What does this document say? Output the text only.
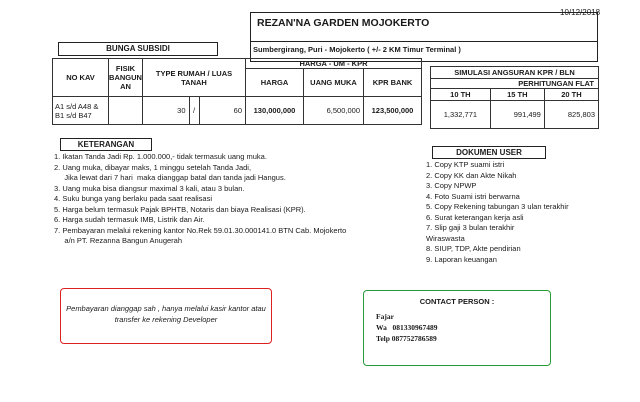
10/12/2018
REZAN'NA GARDEN MOJOKERTO
Sumbergirang, Puri - Mojokerto ( +/- 2 KM Timur Terminal )
BUNGA SUBSIDI
NO KAV	FISIK BANGUN AN	TYPE RUMAH / LUAS TANAH			HARGA - UM - KPR		
					HARGA	UANG MUKA	KPR BANK
A1 s/d A48 & B1 s/d B47		30	/	60	130,000,000	6,500,000	123,500,000
SIMULASI ANGSURAN KPR / BLN		
PERHITUNGAN FLAT		
10 TH	15 TH	20 TH
1,332,771	991,499	825,803
KETERANGAN
1. Ikatan Tanda Jadi Rp. 1.000.000,- tidak termasuk uang muka.
2. Uang muka, dibayar maks, 1 minggu setelah Tanda Jadi,
Jika lewat dari 7 hari  maka dianggap batal dan tanda jadi Hangus.
3. Uang muka bisa diangsur maximal 3 kali, atau 3 bulan.
4. Suku bunga yang berlaku pada saat realisasi
5. Harga belum termasuk Pajak BPHTB, Notaris dan biaya Realisasi (KPR).
6. Harga sudah termasuk IMB, Listrik dan Air.
7. Pembayaran melalui rekening kantor No.Rek 59.01.30.000141.0 BTN Cab. Mojokerto
a/n PT. Rezanna Bangun Anugerah
DOKUMEN USER
1. Copy KTP suami istri
2. Copy KK dan Akte Nikah
3. Copy NPWP
4. Foto Suami istri berwarna
5. Copy Rekening tabungan 3 ulan terakhir
6. Surat keterangan kerja asli
7. Slip gaji 3 bulan terakhir
Wiraswasta
8. SIUP, TDP, Akte pendirian
9. Laporan keuangan
Pembayaran dianggap sah , hanya melalui kasir kantor atau transfer ke rekening Developer
CONTACT PERSON :
Fajar
Wa   081330967489
Telp 087752786589
